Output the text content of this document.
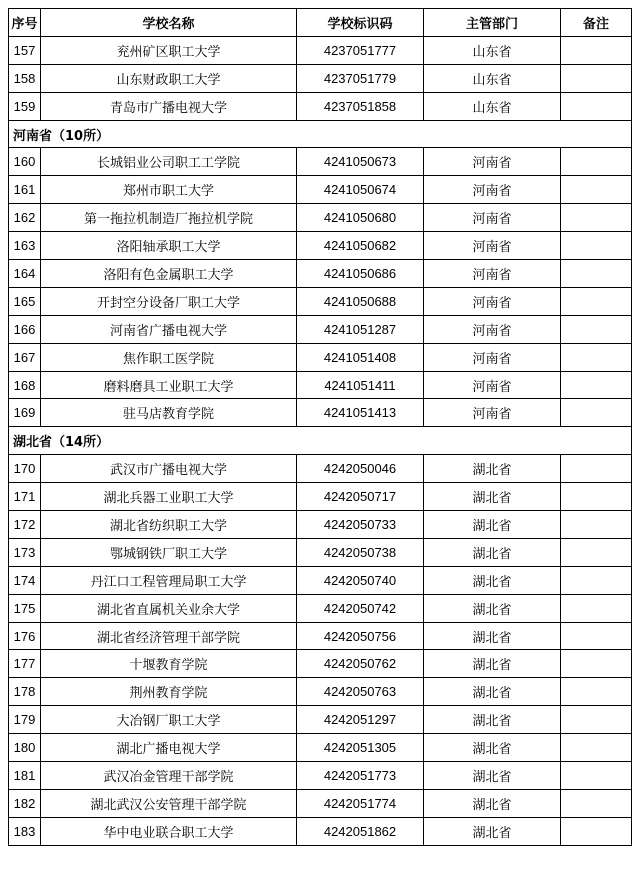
序号	学校名称	学校标识码	主管部门	备注
157	兖州矿区职工大学	4237051777	山东省	
158	山东财政职工大学	4237051779	山东省	
159	青岛市广播电视大学	4237051858	山东省	
河南省（10所）				
160	长城铝业公司职工工学院	4241050673	河南省	
161	郑州市职工大学	4241050674	河南省	
162	第一拖拉机制造厂拖拉机学院	4241050680	河南省	
163	洛阳轴承职工大学	4241050682	河南省	
164	洛阳有色金属职工大学	4241050686	河南省	
165	开封空分设备厂职工大学	4241050688	河南省	
166	河南省广播电视大学	4241051287	河南省	
167	焦作职工医学院	4241051408	河南省	
168	磨料磨具工业职工大学	4241051411	河南省	
169	驻马店教育学院	4241051413	河南省	
湖北省（14所）				
170	武汉市广播电视大学	4242050046	湖北省	
171	湖北兵器工业职工大学	4242050717	湖北省	
172	湖北省纺织职工大学	4242050733	湖北省	
173	鄂城钢铁厂职工大学	4242050738	湖北省	
174	丹江口工程管理局职工大学	4242050740	湖北省	
175	湖北省直属机关业余大学	4242050742	湖北省	
176	湖北省经济管理干部学院	4242050756	湖北省	
177	十堰教育学院	4242050762	湖北省	
178	荆州教育学院	4242050763	湖北省	
179	大冶钢厂职工大学	4242051297	湖北省	
180	湖北广播电视大学	4242051305	湖北省	
181	武汉冶金管理干部学院	4242051773	湖北省	
182	湖北武汉公安管理干部学院	4242051774	湖北省	
183	华中电业联合职工大学	4242051862	湖北省	
